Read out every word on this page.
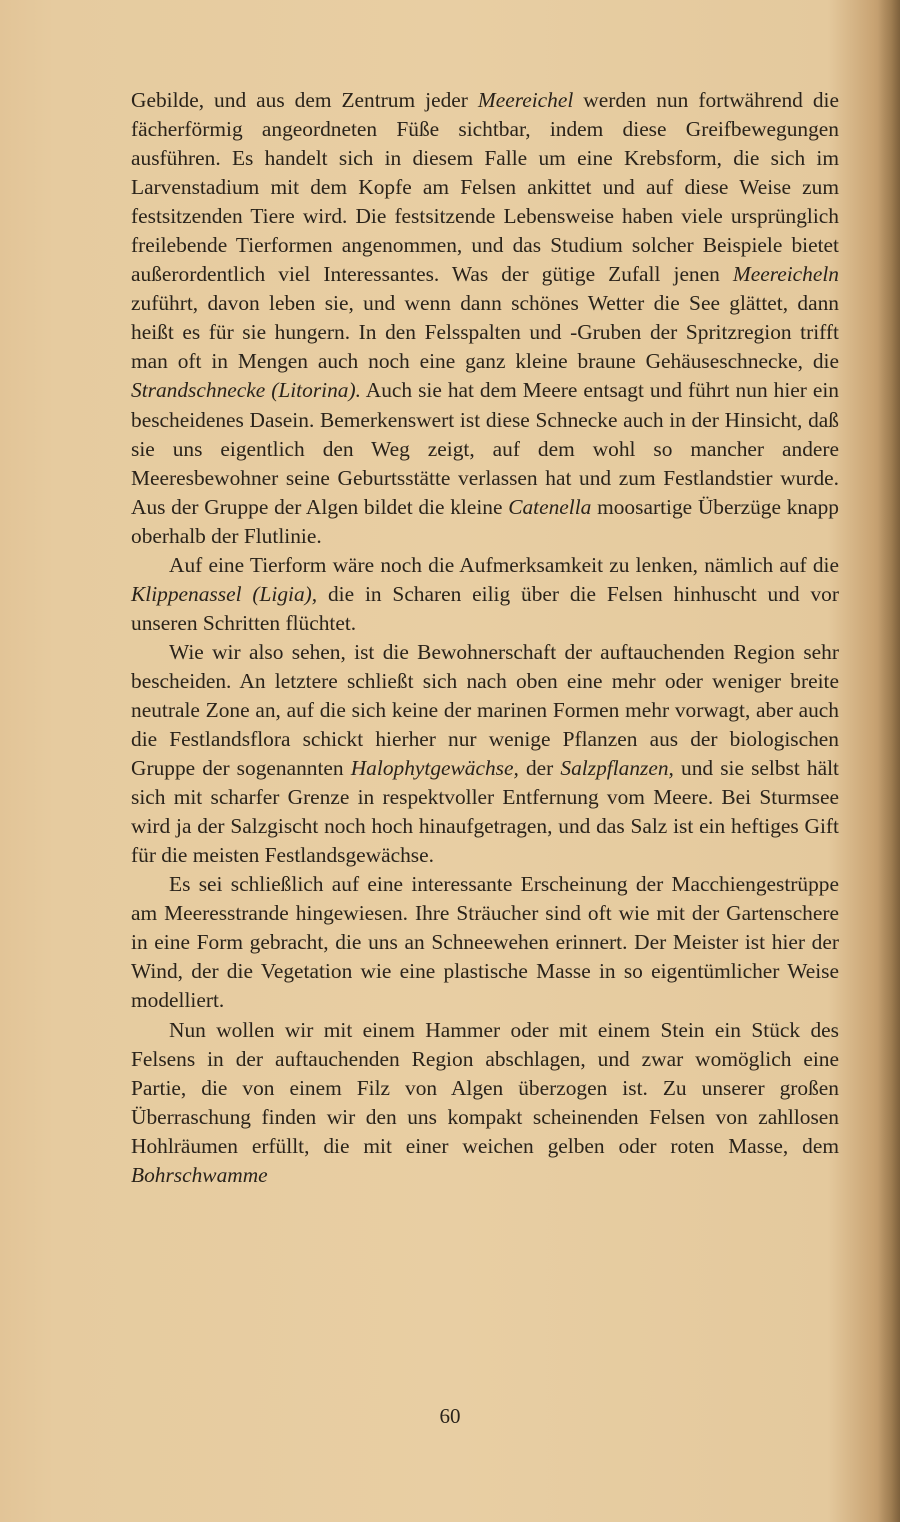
Gebilde, und aus dem Zentrum jeder Meereichel werden nun fortwährend die fächerförmig angeordneten Füße sichtbar, indem diese Greifbewegungen ausführen. Es handelt sich in diesem Falle um eine Krebsform, die sich im Larvenstadium mit dem Kopfe am Felsen ankittet und auf diese Weise zum festsitzenden Tiere wird. Die festsitzende Lebensweise haben viele ursprünglich freilebende Tierformen angenommen, und das Studium solcher Beispiele bietet außerordentlich viel Interessantes. Was der gütige Zufall jenen Meereicheln zuführt, davon leben sie, und wenn dann schönes Wetter die See glättet, dann heißt es für sie hungern. In den Felsspalten und -Gruben der Spritzregion trifft man oft in Mengen auch noch eine ganz kleine braune Gehäuseschnecke, die Strandschnecke (Litorina). Auch sie hat dem Meere entsagt und führt nun hier ein bescheidenes Dasein. Bemerkenswert ist diese Schnecke auch in der Hinsicht, daß sie uns eigentlich den Weg zeigt, auf dem wohl so mancher andere Meeresbewohner seine Geburtsstätte verlassen hat und zum Festlandstier wurde. Aus der Gruppe der Algen bildet die kleine Catenella moosartige Überzüge knapp oberhalb der Flutlinie.

Auf eine Tierform wäre noch die Aufmerksamkeit zu lenken, nämlich auf die Klippenassel (Ligia), die in Scharen eilig über die Felsen hinhuscht und vor unseren Schritten flüchtet.

Wie wir also sehen, ist die Bewohnerschaft der auftauchenden Region sehr bescheiden. An letztere schließt sich nach oben eine mehr oder weniger breite neutrale Zone an, auf die sich keine der marinen Formen mehr vorwagt, aber auch die Festlandsflora schickt hierher nur wenige Pflanzen aus der biologischen Gruppe der sogenannten Halophytgewächse, der Salzpflanzen, und sie selbst hält sich mit scharfer Grenze in respektvoller Entfernung vom Meere. Bei Sturmsee wird ja der Salzgischt noch hoch hinaufgetragen, und das Salz ist ein heftiges Gift für die meisten Festlandsgewächse.

Es sei schließlich auf eine interessante Erscheinung der Macchiengestrüppe am Meeresstrande hingewiesen. Ihre Sträucher sind oft wie mit der Gartenschere in eine Form gebracht, die uns an Schneewehen erinnert. Der Meister ist hier der Wind, der die Vegetation wie eine plastische Masse in so eigentümlicher Weise modelliert.

Nun wollen wir mit einem Hammer oder mit einem Stein ein Stück des Felsens in der auftauchenden Region abschlagen, und zwar womöglich eine Partie, die von einem Filz von Algen überzogen ist. Zu unserer großen Überraschung finden wir den uns kompakt scheinenden Felsen von zahllosen Hohlräumen erfüllt, die mit einer weichen gelben oder roten Masse, dem Bohrschwamme

60
